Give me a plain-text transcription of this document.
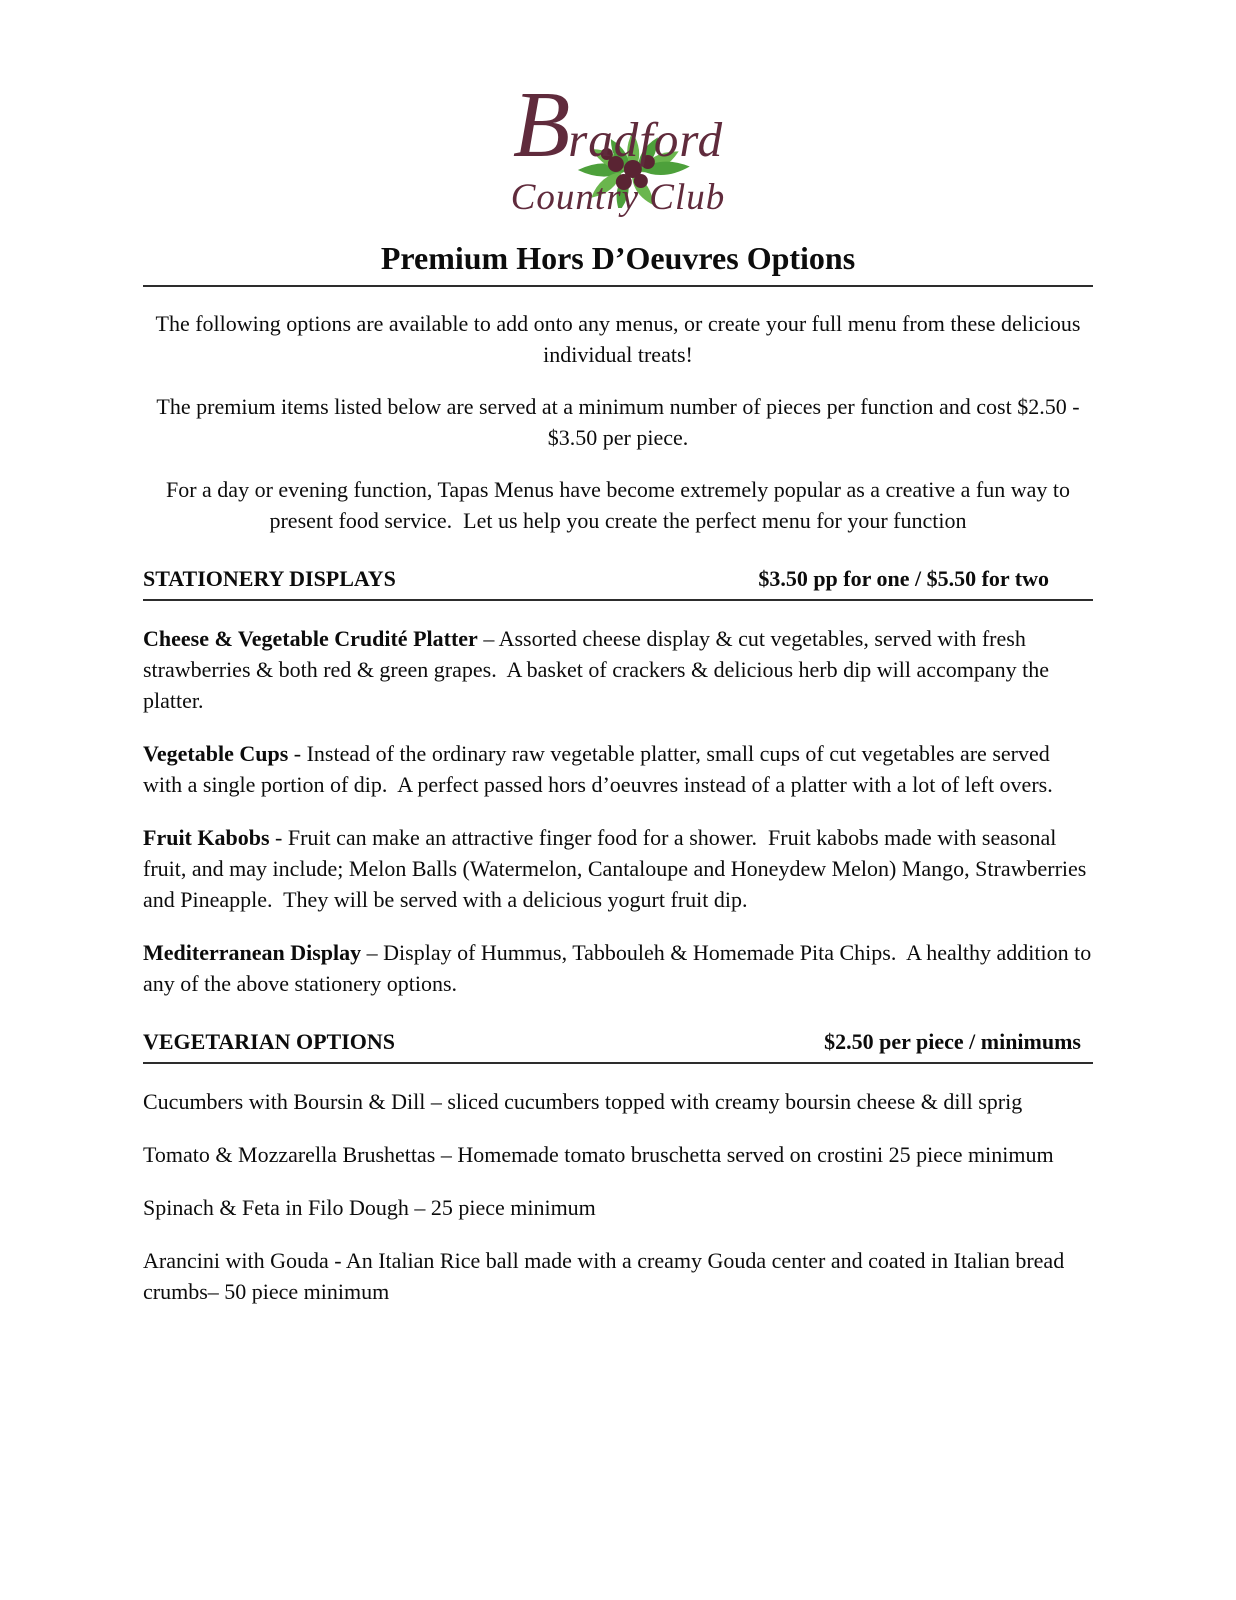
B radford
Country Club
Premium Hors D’Oeuvres Options

The following options are available to add onto any menus, or create your full menu from these delicious individual treats!

The premium items listed below are served at a minimum number of pieces per function and cost $2.50 - $3.50 per piece.

For a day or evening function, Tapas Menus have become extremely popular as a creative a fun way to present food service.  Let us help you create the perfect menu for your function

STATIONERY DISPLAYS	$3.50 pp for one / $5.50 for two

Cheese & Vegetable Crudité Platter – Assorted cheese display & cut vegetables, served with fresh strawberries & both red & green grapes.  A basket of crackers & delicious herb dip will accompany the platter.

Vegetable Cups - Instead of the ordinary raw vegetable platter, small cups of cut vegetables are served with a single portion of dip.  A perfect passed hors d’oeuvres instead of a platter with a lot of left overs.

Fruit Kabobs - Fruit can make an attractive finger food for a shower.  Fruit kabobs made with seasonal fruit, and may include; Melon Balls (Watermelon, Cantaloupe and Honeydew Melon) Mango, Strawberries and Pineapple.  They will be served with a delicious yogurt fruit dip.

Mediterranean Display – Display of Hummus, Tabbouleh & Homemade Pita Chips.  A healthy addition to any of the above stationery options.

VEGETARIAN OPTIONS	$2.50 per piece / minimums

Cucumbers with Boursin & Dill – sliced cucumbers topped with creamy boursin cheese & dill sprig

Tomato & Mozzarella Brushettas – Homemade tomato bruschetta served on crostini 25 piece minimum

Spinach & Feta in Filo Dough – 25 piece minimum

Arancini with Gouda - An Italian Rice ball made with a creamy Gouda center and coated in Italian bread crumbs– 50 piece minimum
